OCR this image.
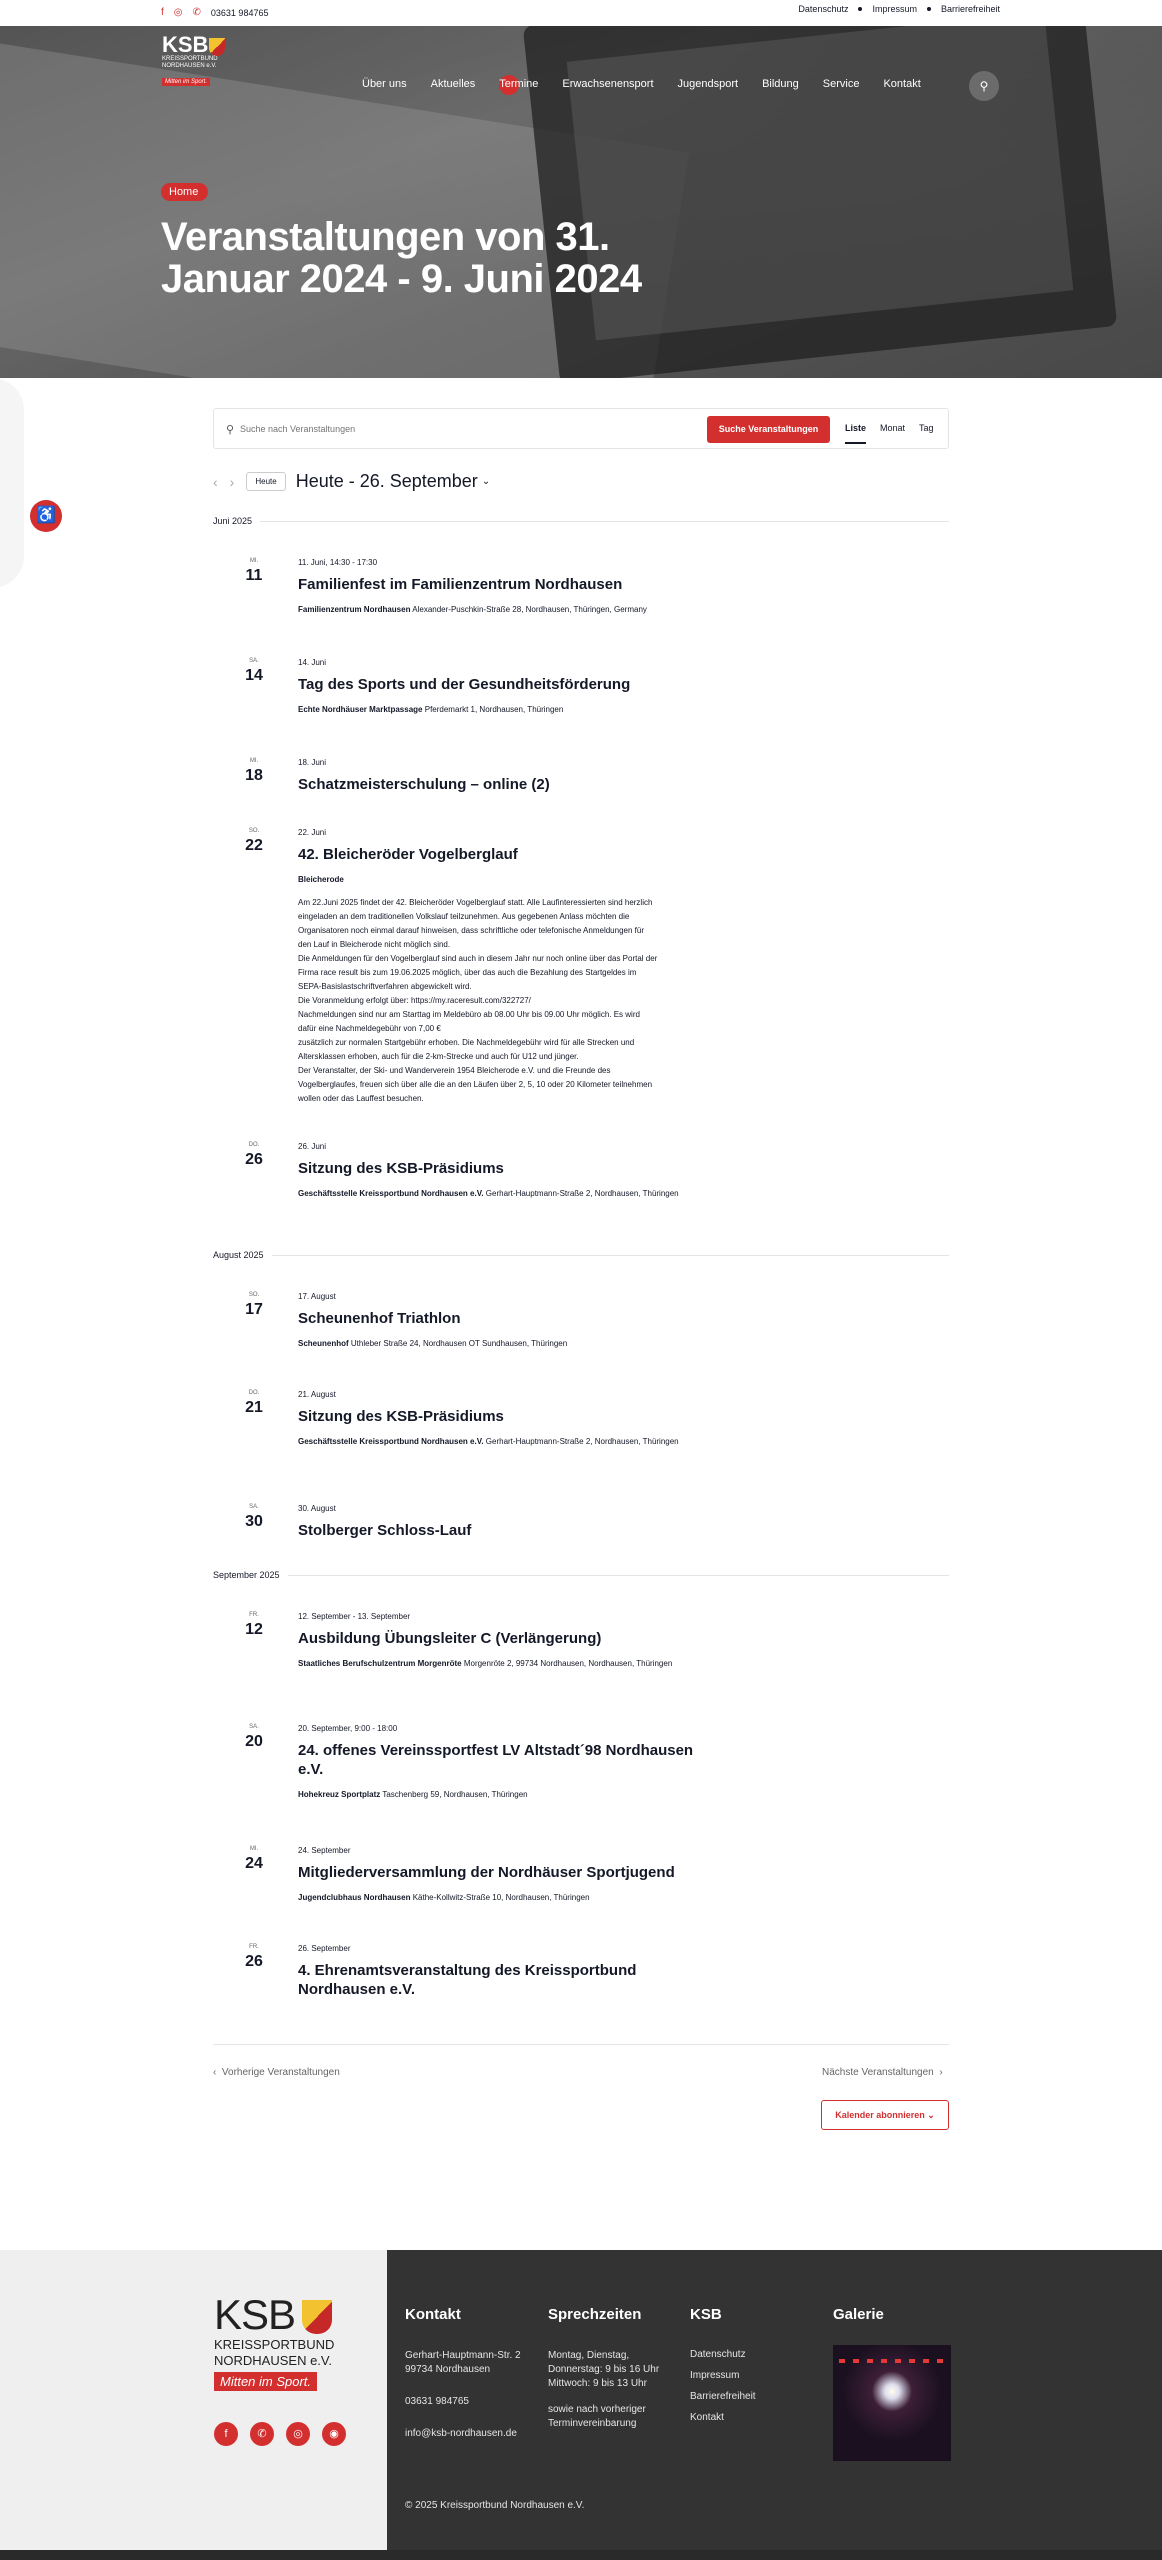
f ◎ ✆ 03631 984765	Datenschutz	Impressum	Barrierefreiheit
KSB
KREISSPORTBUND
NORDHAUSEN e.V.
Mitten im Sport.	Über uns Aktuelles Termine Erwachsenensport Jugendsport Bildung Service Kontakt	⚲
Home
Veranstaltungen von 31. Januar 2024 - 9. Juni 2024
♿
⚲
Suche nach Veranstaltungen	Suche Veranstaltungen	Liste Monat Tag
‹ ›	Heute	Heute - 26. September ⌄
Juni 2025
August 2025
September 2025
MI.
11
11. Juni, 14:30 - 17:30
Familienfest im Familienzentrum Nordhausen
Familienzentrum Nordhausen Alexander-Puschkin-Straße 28, Nordhausen, Thüringen, Germany
SA.
14
14. Juni
Tag des Sports und der Gesundheitsförderung
Echte Nordhäuser Marktpassage Pferdemarkt 1, Nordhausen, Thüringen
MI.
18
18. Juni
Schatzmeisterschulung – online (2)
SO.
22
22. Juni
42. Bleicheröder Vogelberglauf
Bleicherode
Am 22.Juni 2025 findet der 42. Bleicheröder Vogelberglauf statt. Alle Laufinteressierten sind herzlich
eingeladen an dem traditionellen Volkslauf teilzunehmen. Aus gegebenen Anlass möchten die
Organisatoren noch einmal darauf hinweisen, dass schriftliche oder telefonische Anmeldungen für
den Lauf in Bleicherode nicht möglich sind.
Die Anmeldungen für den Vogelberglauf sind auch in diesem Jahr nur noch online über das Portal der
Firma race result bis zum 19.06.2025 möglich, über das auch die Bezahlung des Startgeldes im
SEPA-Basislastschriftverfahren abgewickelt wird.
Die Voranmeldung erfolgt über: https://my.raceresult.com/322727/
Nachmeldungen sind nur am Starttag im Meldebüro ab 08.00 Uhr bis 09.00 Uhr möglich. Es wird
dafür eine Nachmeldegebühr von 7,00 €
zusätzlich zur normalen Startgebühr erhoben. Die Nachmeldegebühr wird für alle Strecken und
Altersklassen erhoben, auch für die 2-km-Strecke und auch für U12 und jünger.
Der Veranstalter, der Ski- und Wanderverein 1954 Bleicherode e.V. und die Freunde des
Vogelberglaufes, freuen sich über alle die an den Läufen über 2, 5, 10 oder 20 Kilometer teilnehmen
wollen oder das Lauffest besuchen.
DO.
26
26. Juni
Sitzung des KSB-Präsidiums
Geschäftsstelle Kreissportbund Nordhausen e.V. Gerhart-Hauptmann-Straße 2, Nordhausen, Thüringen
SO.
17
17. August
Scheunenhof Triathlon
Scheunenhof Uthleber Straße 24, Nordhausen OT Sundhausen, Thüringen
DO.
21
21. August
Sitzung des KSB-Präsidiums
Geschäftsstelle Kreissportbund Nordhausen e.V. Gerhart-Hauptmann-Straße 2, Nordhausen, Thüringen
SA.
30
30. August
Stolberger Schloss-Lauf
FR.
12
12. September - 13. September
Ausbildung Übungsleiter C (Verlängerung)
Staatliches Berufschulzentrum Morgenröte Morgenröte 2, 99734 Nordhausen, Nordhausen, Thüringen
SA.
20
20. September, 9:00 - 18:00
24. offenes Vereinssportfest LV Altstadt´98 Nordhausen e.V.
Hohekreuz Sportplatz Taschenberg 59, Nordhausen, Thüringen
MI.
24
24. September
Mitgliederversammlung der Nordhäuser Sportjugend
Jugendclubhaus Nordhausen Käthe-Kollwitz-Straße 10, Nordhausen, Thüringen
FR.
26
26. September
4. Ehrenamtsveranstaltung des Kreissportbund Nordhausen e.V.
‹ Vorherige Veranstaltungen	Nächste Veranstaltungen ›
Kalender abonnieren ⌄
KSB
KREISSPORTBUND
NORDHAUSEN e.V.
Mitten im Sport.
f	✆	◎	◉
Kontakt

Gerhart-Hauptmann-Str. 2

99734 Nordhausen

03631 984765

info@ksb-nordhausen.de

Sprechzeiten

Montag, Dienstag,

Donnerstag: 9 bis 16 Uhr

Mittwoch: 9 bis 13 Uhr

sowie nach vorheriger

Terminvereinbarung

KSB
Datenschutz
Impressum
Barrierefreiheit
Kontakt
Galerie
© 2025 Kreissportbund Nordhausen e.V.
